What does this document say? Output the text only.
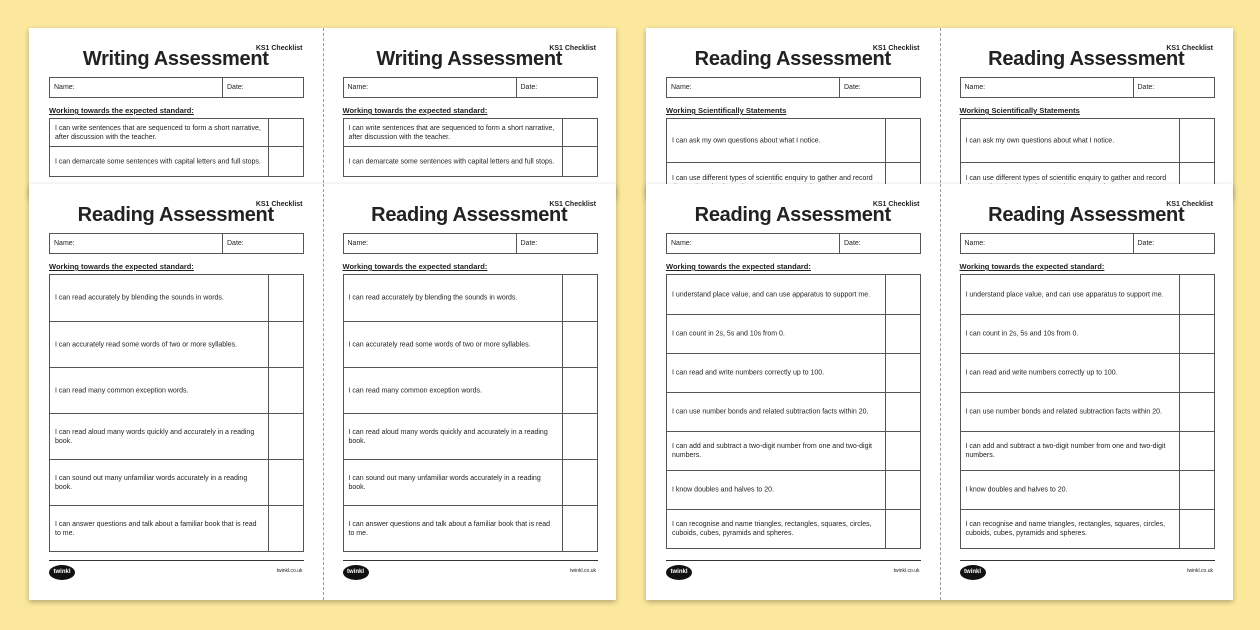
KS1 Checklist
Writing Assessment
Name:	Date:
Working towards the expected standard:
I can write sentences that are sequenced to form a short narrative, after discussion with the teacher.
I can demarcate some sentences with capital letters and full stops.
KS1 Checklist
Writing Assessment
Name:	Date:
Working towards the expected standard:
I can write sentences that are sequenced to form a short narrative, after discussion with the teacher.
I can demarcate some sentences with capital letters and full stops.
KS1 Checklist
Reading Assessment
Name:	Date:
Working Scientifically Statements
I can ask my own questions about what I notice.
I can use different types of scientific enquiry to gather and record
KS1 Checklist
Reading Assessment
Name:	Date:
Working Scientifically Statements
I can ask my own questions about what I notice.
I can use different types of scientific enquiry to gather and record
KS1 Checklist
Reading Assessment
Name:	Date:
Working towards the expected standard:
I can read accurately by blending the sounds in words.
I can accurately read some words of two or more syllables.
I can read many common exception words.
I can read aloud many words quickly and accurately in a reading book.
I can sound out many unfamiliar words accurately in a reading book.
I can answer questions and talk about a familiar book that is read to me.
twinkl	twinkl.co.uk
KS1 Checklist
Reading Assessment
Name:	Date:
Working towards the expected standard:
I can read accurately by blending the sounds in words.
I can accurately read some words of two or more syllables.
I can read many common exception words.
I can read aloud many words quickly and accurately in a reading book.
I can sound out many unfamiliar words accurately in a reading book.
I can answer questions and talk about a familiar book that is read to me.
twinkl	twinkl.co.uk
KS1 Checklist
Reading Assessment
Name:	Date:
Working towards the expected standard:
I understand place value, and can use apparatus to support me.
I can count in 2s, 5s and 10s from 0.
I can read and write numbers correctly up to 100.
I can use number bonds and related subtraction facts within 20.
I can add and subtract a two-digit number from one and two-digit numbers.
I know doubles and halves to 20.
I can recognise and name triangles, rectangles, squares, circles, cuboids, cubes, pyramids and spheres.
twinkl	twinkl.co.uk
KS1 Checklist
Reading Assessment
Name:	Date:
Working towards the expected standard:
I understand place value, and can use apparatus to support me.
I can count in 2s, 5s and 10s from 0.
I can read and write numbers correctly up to 100.
I can use number bonds and related subtraction facts within 20.
I can add and subtract a two-digit number from one and two-digit numbers.
I know doubles and halves to 20.
I can recognise and name triangles, rectangles, squares, circles, cuboids, cubes, pyramids and spheres.
twinkl	twinkl.co.uk
